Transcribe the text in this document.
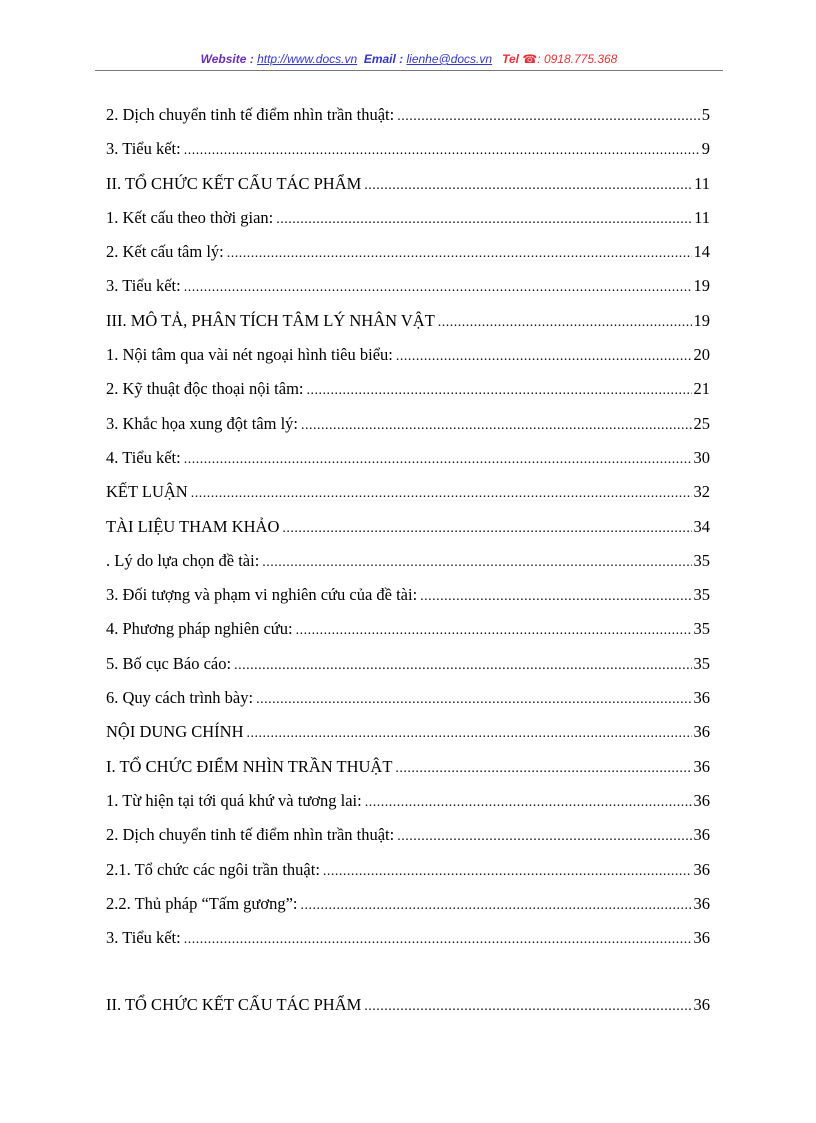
Website : http://www.docs.vn Email : lienhe@docs.vn Tel ☎: 0918.775.368
2. Dịch chuyển tinh tế điểm nhìn trần thuật: .....	5
3. Tiểu kết: .....	9
II. TỔ CHỨC KẾT CẤU TÁC PHẨM .....	11
1. Kết cấu theo thời gian: .....	11
2. Kết cấu tâm lý: .....	14
3. Tiểu kết: .....	19
III. MÔ TẢ, PHÂN TÍCH TÂM LÝ NHÂN VẬT .....	19
1. Nội tâm qua vài nét ngoại hình tiêu biểu: .....	20
2. Kỹ thuật độc thoại nội tâm: .....	21
3. Khắc họa xung đột tâm lý: .....	25
4. Tiểu kết: .....	30
KẾT LUẬN .....	32
TÀI LIỆU THAM KHẢO .....	34
. Lý do lựa chọn đề tài: .....	35
3. Đối tượng và phạm vi nghiên cứu của đề tài: .....	35
4. Phương pháp nghiên cứu: .....	35
5. Bố cục Báo cáo: .....	35
6. Quy cách trình bày: .....	36
NỘI DUNG CHÍNH .....	36
I. TỔ CHỨC ĐIỂM NHÌN TRẦN THUẬT .....	36
1. Từ hiện tại tới quá khứ và tương lai: .....	36
2. Dịch chuyển tinh tế điểm nhìn trần thuật: .....	36
2.1. Tổ chức các ngôi trần thuật: .....	36
2.2. Thủ pháp “Tấm gương”: .....	36
3. Tiểu kết: .....	36
II. TỔ CHỨC KẾT CẤU TÁC PHẨM .....	36
